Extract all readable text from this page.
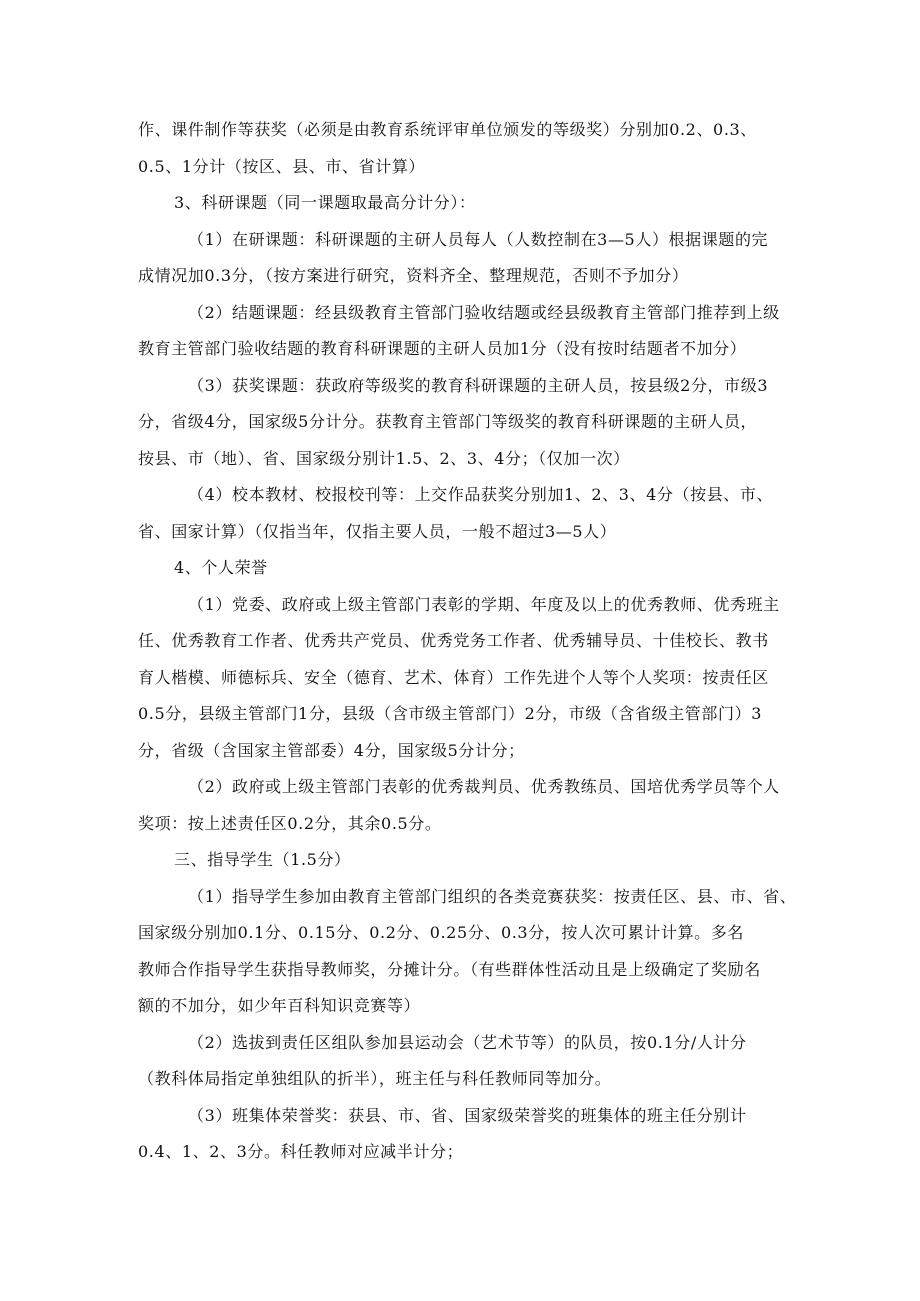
作、课件制作等获奖（必须是由教育系统评审单位颁发的等级奖）分别加0.2、0.3、

0.5、1分计（按区、县、市、省计算）

3、科研课题（同一课题取最高分计分）：

（1）在研课题：科研课题的主研人员每人（人数控制在3—5人）根据课题的完

成情况加0.3分，（按方案进行研究，资料齐全、整理规范，否则不予加分）

（2）结题课题：经县级教育主管部门验收结题或经县级教育主管部门推荐到上级

教育主管部门验收结题的教育科研课题的主研人员加1分（没有按时结题者不加分）

（3）获奖课题：获政府等级奖的教育科研课题的主研人员，按县级2分，市级3

分，省级4分，国家级5分计分。获教育主管部门等级奖的教育科研课题的主研人员，

按县、市（地）、省、国家级分别计1.5、2、3、4分；（仅加一次）

（4）校本教材、校报校刊等：上交作品获奖分别加1、2、3、4分（按县、市、

省、国家计算）（仅指当年，仅指主要人员，一般不超过3—5人）

4、个人荣誉

（1）党委、政府或上级主管部门表彰的学期、年度及以上的优秀教师、优秀班主

任、优秀教育工作者、优秀共产党员、优秀党务工作者、优秀辅导员、十佳校长、教书

育人楷模、师德标兵、安全（德育、艺术、体育）工作先进个人等个人奖项：按责任区

0.5分，县级主管部门1分，县级（含市级主管部门）2分，市级（含省级主管部门）3

分，省级（含国家主管部委）4分，国家级5分计分；

（2）政府或上级主管部门表彰的优秀裁判员、优秀教练员、国培优秀学员等个人

奖项：按上述责任区0.2分，其余0.5分。

三、指导学生（1.5分）

（1）指导学生参加由教育主管部门组织的各类竞赛获奖：按责任区、县、市、省、

国家级分别加0.1分、0.15分、0.2分、0.25分、0.3分，按人次可累计计算。多名

教师合作指导学生获指导教师奖，分摊计分。（有些群体性活动且是上级确定了奖励名

额的不加分，如少年百科知识竞赛等）

（2）选拔到责任区组队参加县运动会（艺术节等）的队员，按0.1分/人计分

（教科体局指定单独组队的折半），班主任与科任教师同等加分。

（3）班集体荣誉奖：获县、市、省、国家级荣誉奖的班集体的班主任分别计

0.4、1、2、3分。科任教师对应减半计分；
